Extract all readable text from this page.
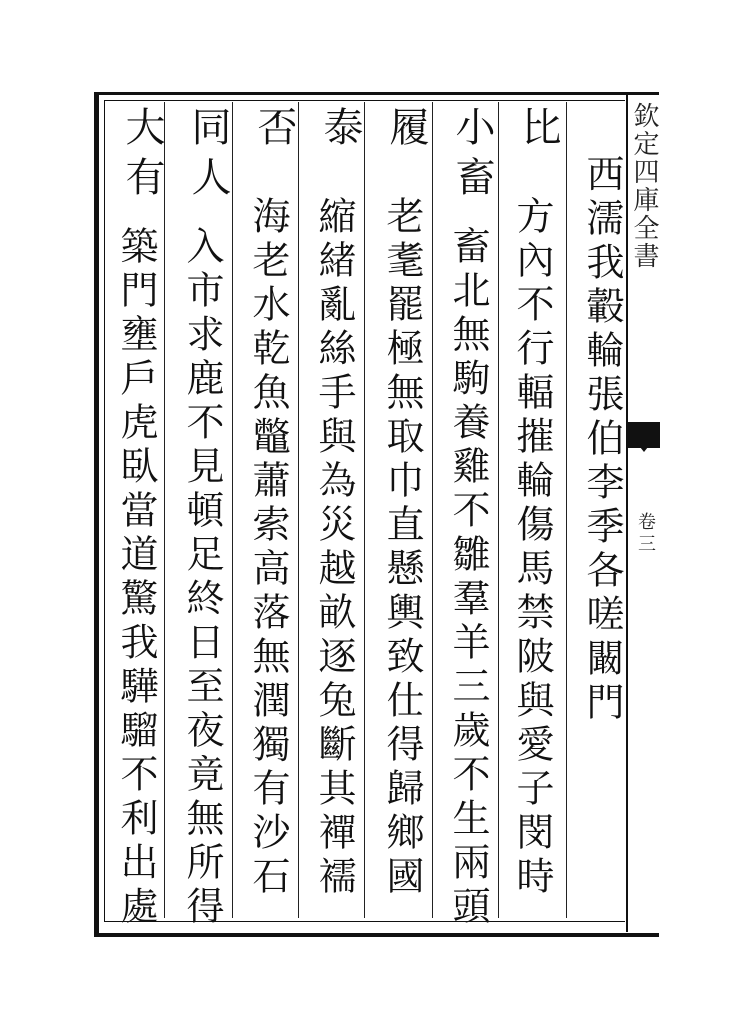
欽定四庫全書
卷三
西濡我轂輪張伯李季各嗟闞門
比
方內不行輻摧輪傷馬禁陂與愛子閔時
小畜
畜北無駒養雞不雛羣羊三歲不生兩頭
履
老耄罷極無取巾直懸輿致仕得歸鄉國
泰
縮緒亂絲手與為災越畝逐兔斷其襌襦
否
海老水乾魚鼈蕭索高落無潤獨有沙石
同人
入市求鹿不見頓足終日至夜竟無所得
大有
築門壅戶虎臥當道驚我驊騮不利出處
